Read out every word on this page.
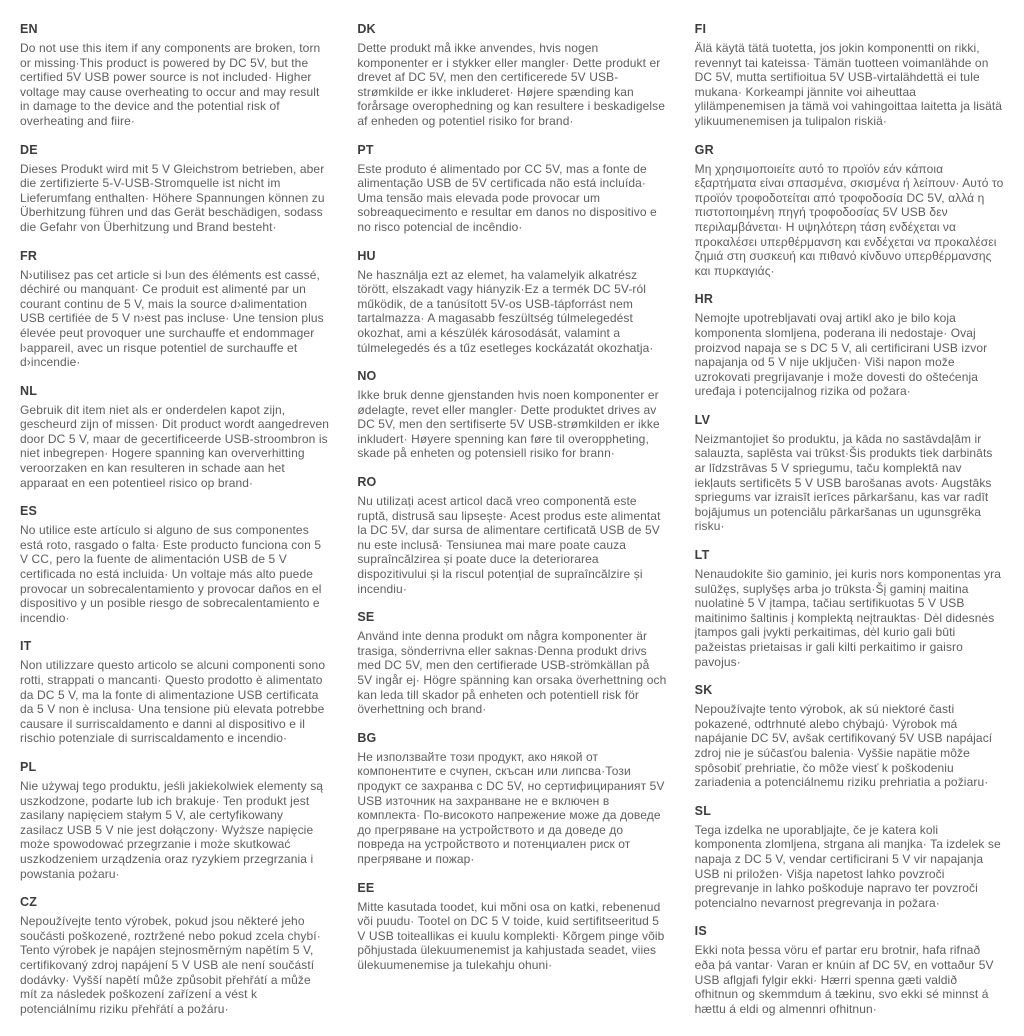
EN

Do not use this item if any components are broken, torn or missing·This product is powered by DC 5V, but the certified 5V USB power source is not included· Higher voltage may cause overheating to occur and may result in damage to the device and the potential risk of overheating and fiire·

DE

Dieses Produkt wird mit 5 V Gleichstrom betrieben, aber die zertifizierte 5-V-USB-Stromquelle ist nicht im Lieferumfang enthalten· Höhere Spannungen können zu Überhitzung führen und das Gerät beschädigen, sodass die Gefahr von Überhitzung und Brand besteht·

FR

N›utilisez pas cet article si l›un des éléments est cassé, déchiré ou manquant· Ce produit est alimenté par un courant continu de 5 V, mais la source d›alimentation USB certifiée de 5 V n›est pas incluse· Une tension plus élevée peut provoquer une surchauffe et endommager l›appareil, avec un risque potentiel de surchauffe et d›incendie·

NL

Gebruik dit item niet als er onderdelen kapot zijn, gescheurd zijn of missen· Dit product wordt aangedreven door DC 5 V, maar de gecertificeerde USB-stroombron is niet inbegrepen· Hogere spanning kan oververhitting veroorzaken en kan resulteren in schade aan het apparaat en een potentieel risico op brand·

ES

No utilice este artículo si alguno de sus componentes está roto, rasgado o falta· Este producto funciona con 5 V CC, pero la fuente de alimentación USB de 5 V certificada no está incluida· Un voltaje más alto puede provocar un sobrecalentamiento y provocar daños en el dispositivo y un posible riesgo de sobrecalentamiento e incendio·

IT

Non utilizzare questo articolo se alcuni componenti sono rotti, strappati o mancanti· Questo prodotto è alimentato da DC 5 V, ma la fonte di alimentazione USB certificata da 5 V non è inclusa· Una tensione più elevata potrebbe causare il surriscaldamento e danni al dispositivo e il rischio potenziale di surriscaldamento e incendio·

PL

Nie używaj tego produktu, jeśli jakiekolwiek elementy są uszkodzone, podarte lub ich brakuje· Ten produkt jest zasilany napięciem stałym 5 V, ale certyfikowany zasilacz USB 5 V nie jest dołączony· Wyższe napięcie może spowodować przegrzanie i może skutkować uszkodzeniem urządzenia oraz ryzykiem przegrzania i powstania pożaru·

CZ

Nepoužívejte tento výrobek, pokud jsou některé jeho součásti poškozené, roztržené nebo pokud zcela chybí· Tento výrobek je napájen stejnosměrným napětím 5 V, certifikovaný zdroj napájení 5 V USB ale není součástí dodávky· Vyšší napětí může způsobit přehřátí a může mít za následek poškození zařízení a vést k potenciálnímu riziku přehřátí a požáru·

DK

Dette produkt må ikke anvendes, hvis nogen komponenter er i stykker eller mangler· Dette produkt er drevet af DC 5V, men den certificerede 5V USB-strømkilde er ikke inkluderet· Højere spænding kan forårsage overophedning og kan resultere i beskadigelse af enheden og potentiel risiko for brand·

PT

Este produto é alimentado por CC 5V, mas a fonte de alimentação USB de 5V certificada não está incluída· Uma tensão mais elevada pode provocar um sobreaquecimento e resultar em danos no dispositivo e no risco potencial de incêndio·

HU

Ne használja ezt az elemet, ha valamelyik alkatrész törött, elszakadt vagy hiányzik·Ez a termék DC 5V-ról működik, de a tanúsított 5V-os USB-tápforrást nem tartalmazza· A magasabb feszültség túlmelegedést okozhat, ami a készülék károsodását, valamint a túlmelegedés és a tűz esetleges kockázatát okozhatja·

NO

Ikke bruk denne gjenstanden hvis noen komponenter er ødelagte, revet eller mangler· Dette produktet drives av DC 5V, men den sertifiserte 5V USB-strømkilden er ikke inkludert· Høyere spenning kan føre til overoppheting, skade på enheten og potensiell risiko for brann·

RO

Nu utilizați acest articol dacă vreo componentă este ruptă, distrusă sau lipsește· Acest produs este alimentat la DC 5V, dar sursa de alimentare certificată USB de 5V nu este inclusă· Tensiunea mai mare poate cauza supraîncălzirea și poate duce la deteriorarea dispozitivului și la riscul potențial de supraîncălzire și incendiu·

SE

Använd inte denna produkt om några komponenter är trasiga, sönderrivna eller saknas·Denna produkt drivs med DC 5V, men den certifierade USB-strömkällan på 5V ingår ej· Högre spänning kan orsaka överhettning och kan leda till skador på enheten och potentiell risk för överhettning och brand·

BG

Не използвайте този продукт, ако някой от компонентите е счупен, скъсан или липсва·Този продукт се захранва с DC 5V, но сертифицираният 5V USB източник на захранване не е включен в комплекта· По-високото напрежение може да доведе до прегряване на устройството и да доведе до повреда на устройството и потенциален риск от прегряване и пожар·

EE

Mitte kasutada toodet, kui mõni osa on katki, rebenenud või puudu· Tootel on DC 5 V toide, kuid sertifitseeritud 5 V USB toiteallikas ei kuulu komplekti· Kõrgem pinge võib põhjustada ülekuumenemist ja kahjustada seadet, viies ülekuumenemise ja tulekahju ohuni·

FI

Älä käytä tätä tuotetta, jos jokin komponentti on rikki, revennyt tai kateissa· Tämän tuotteen voimanlähde on DC 5V, mutta sertifioitua 5V USB-virtalähdettä ei tule mukana· Korkeampi jännite voi aiheuttaa ylilämpenemisen ja tämä voi vahingoittaa laitetta ja lisätä ylikuumenemisen ja tulipalon riskiä·

GR

Μη χρησιμοποιείτε αυτό το προϊόν εάν κάποια εξαρτήματα είναι σπασμένα, σκισμένα ή λείπουν· Αυτό το προϊόν τροφοδοτείται από τροφοδοσία DC 5V, αλλά η πιστοποιημένη πηγή τροφοδοσίας 5V USB δεν περιλαμβάνεται· Η υψηλότερη τάση ενδέχεται να προκαλέσει υπερθέρμανση και ενδέχεται να προκαλέσει ζημιά στη συσκευή και πιθανό κίνδυνο υπερθέρμανσης και πυρκαγιάς·

HR

Nemojte upotrebljavati ovaj artikl ako je bilo koja komponenta slomljena, poderana ili nedostaje· Ovaj proizvod napaja se s DC 5 V, ali certificirani USB izvor napajanja od 5 V nije uključen· Viši napon može uzrokovati pregrijavanje i može dovesti do oštećenja uređaja i potencijalnog rizika od požara·

LV

Neizmantojiet šo produktu, ja kāda no sastāvdaļām ir salauzta, saplēsta vai trūkst·Šis produkts tiek darbināts ar līdzstrāvas 5 V spriegumu, taču komplektā nav iekļauts sertificēts 5 V USB barošanas avots· Augstāks spriegums var izraisīt ierīces pārkaršanu, kas var radīt bojājumus un potenciālu pārkaršanas un ugunsgrēka risku·

LT

Nenaudokite šio gaminio, jei kuris nors komponentas yra sulūžęs, suplyšęs arba jo trūksta·Šį gaminį maitina nuolatinė 5 V įtampa, tačiau sertifikuotas 5 V USB maitinimo šaltinis į komplektą neįtrauktas· Dėl didesnės įtampos gali įvykti perkaitimas, dėl kurio gali būti pažeistas prietaisas ir gali kilti perkaitimo ir gaisro pavojus·

SK

Nepoužívajte tento výrobok, ak sú niektoré časti pokazené, odtrhnuté alebo chýbajú· Výrobok má napájanie DC 5V, avšak certifikovaný 5V USB napájací zdroj nie je súčasťou balenia· Vyššie napätie môže spôsobiť prehriatie, čo môže viesť k poškodeniu zariadenia a potenciálnemu riziku prehriatia a požiaru·

SL

Tega izdelka ne uporabljajte, če je katera koli komponenta zlomljena, strgana ali manjka· Ta izdelek se napaja z DC 5 V, vendar certificirani 5 V vir napajanja USB ni priložen· Višja napetost lahko povzroči pregrevanje in lahko poškoduje napravo ter povzroči potencialno nevarnost pregrevanja in požara·

IS

Ekki nota þessa vöru ef partar eru brotnir, hafa rifnað eða þá vantar· Varan er knúin af DC 5V, en vottaður 5V USB aflgjafi fylgir ekki· Hærri spenna gæti valdið ofhitnun og skemmdum á tækinu, svo ekki sé minnst á hættu á eldi og almennri ofhitnun·
